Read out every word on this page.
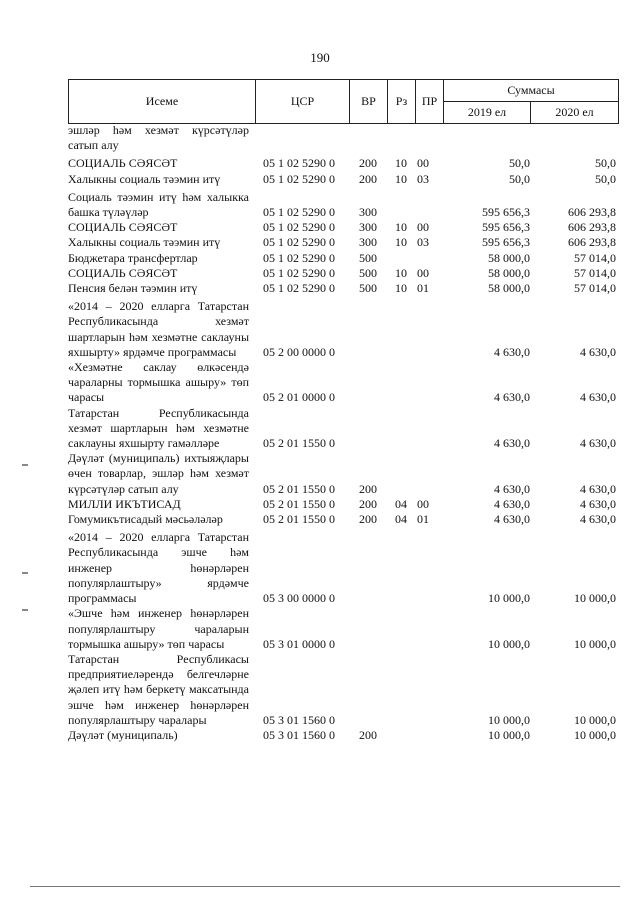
190
Исеме	ЦСР	ВР	Рз	ПР	Суммасы	
					2019 ел	2020 ел
эшләр һәм хезмәт күрсәтүләр сатып алу						
СОЦИАЛЬ СӘЯСӘТ	05 1 02 5290 0	200	10	00	50,0	50,0
Халыкны социаль тәэмин итү	05 1 02 5290 0	200	10	03	50,0	50,0
Социаль тәэмин итү һәм халыкка башка түләүләр	05 1 02 5290 0	300			595 656,3	606 293,8
СОЦИАЛЬ СӘЯСӘТ	05 1 02 5290 0	300	10	00	595 656,3	606 293,8
Халыкны социаль тәэмин итү	05 1 02 5290 0	300	10	03	595 656,3	606 293,8
Бюджетара трансфертлар	05 1 02 5290 0	500			58 000,0	57 014,0
СОЦИАЛЬ СӘЯСӘТ	05 1 02 5290 0	500	10	00	58 000,0	57 014,0
Пенсия белән тәэмин итү	05 1 02 5290 0	500	10	01	58 000,0	57 014,0
«2014 – 2020 елларга Татарстан Республикасында хезмәт шартларын һәм хезмәтне саклауны яхшырту» ярдәмче программасы	05 2 00 0000 0				4 630,0	4 630,0
«Хезмәтне саклау өлкәсендә чараларны тормышка ашыру» төп чарасы	05 2 01 0000 0				4 630,0	4 630,0
Татарстан Республикасында хезмәт шартларын һәм хезмәтне саклауны яхшырту гамәлләре	05 2 01 1550 0				4 630,0	4 630,0
Дәүләт (муниципаль) ихтыяҗлары өчен товарлар, эшләр һәм хезмәт күрсәтүләр сатып алу	05 2 01 1550 0	200			4 630,0	4 630,0
МИЛЛИ ИКЪТИСАД	05 2 01 1550 0	200	04	00	4 630,0	4 630,0
Гомумикътисадый мәсьәләләр	05 2 01 1550 0	200	04	01	4 630,0	4 630,0
«2014 – 2020 елларга Татарстан Республикасында эшче һәм инженер һөнәрләрен популярлаштыру» ярдәмче программасы	05 3 00 0000 0				10 000,0	10 000,0
«Эшче һәм инженер һөнәрләрен популярлаштыру чараларын тормышка ашыру» төп чарасы	05 3 01 0000 0				10 000,0	10 000,0
Татарстан Республикасы предприятиеләрендә белгечләрне җәлеп итү һәм беркетү максатында эшче һәм инженер һөнәрләрен популярлаштыру чаралары	05 3 01 1560 0				10 000,0	10 000,0
Дәүләт (муниципаль)	05 3 01 1560 0	200			10 000,0	10 000,0
